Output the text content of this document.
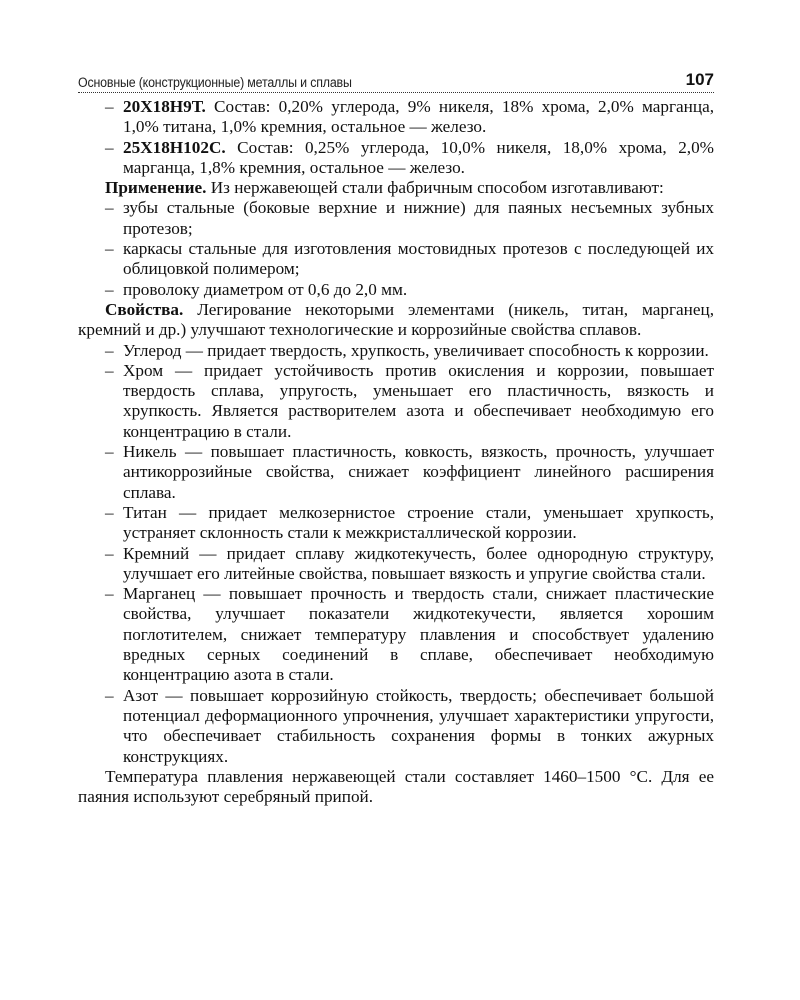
Основные (конструкционные) металлы и сплавы	107
–
20Х18Н9Т. Состав: 0,20% углерода, 9% никеля, 18% хрома, 2,0% марганца, 1,0% титана, 1,0% кремния, остальное — железо.
–
25Х18Н102С. Состав: 0,25% углерода, 10,0% никеля, 18,0% хрома, 2,0% марганца, 1,8% кремния, остальное — железо.

Применение. Из нержавеющей стали фабричным способом изготавливают:

–
зубы стальные (боковые верхние и нижние) для паяных несъемных зубных протезов;
–
каркасы стальные для изготовления мостовидных протезов с последующей их облицовкой полимером;
–
проволоку диаметром от 0,6 до 2,0 мм.

Свойства. Легирование некоторыми элементами (никель, титан, марганец, кремний и др.) улучшают технологические и коррозийные свойства сплавов.

–
Углерод — придает твердость, хрупкость, увеличивает способность к коррозии.
–
Хром — придает устойчивость против окисления и коррозии, повышает твердость сплава, упругость, уменьшает его пластичность, вязкость и хрупкость. Является растворителем азота и обеспечивает необходимую его концентрацию в стали.
–
Никель — повышает пластичность, ковкость, вязкость, прочность, улучшает антикоррозийные свойства, снижает коэффициент линейного расширения сплава.
–
Титан — придает мелкозернистое строение стали, уменьшает хрупкость, устраняет склонность стали к межкристаллической коррозии.
–
Кремний — придает сплаву жидкотекучесть, более однородную структуру, улучшает его литейные свойства, повышает вязкость и упругие свойства стали.
–
Марганец — повышает прочность и твердость стали, снижает пластические свойства, улучшает показатели жидкотекучести, является хорошим поглотителем, снижает температуру плавления и способствует удалению вредных серных соединений в сплаве, обеспечивает необходимую концентрацию азота в стали.
–
Азот — повышает коррозийную стойкость, твердость; обеспечивает большой потенциал деформационного упрочнения, улучшает характеристики упругости, что обеспечивает стабильность сохранения формы в тонких ажурных конструкциях.

Температура плавления нержавеющей стали составляет 1460–1500 °С. Для ее паяния используют серебряный припой.
